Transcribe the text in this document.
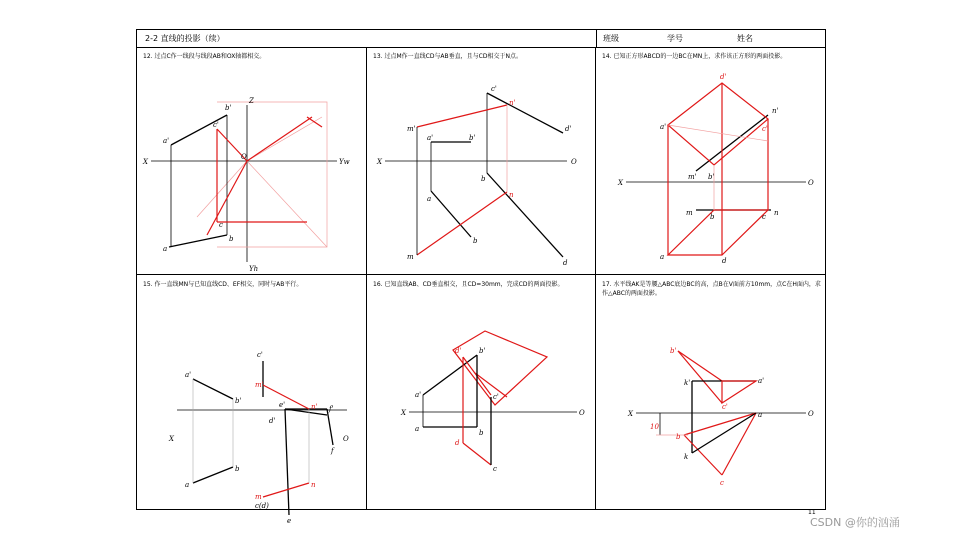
2-2 直线的投影（续）	班级	学号	姓名
12. 过点C作一线段与线段AB和OX轴都相交。
a'
b'
c'
Z
X
O
Yw
Yh
a
b
c
13. 过点M作一直线CD与AB垂直，且与CD相交于N点。
c'
n'
m'
a'	b'
d'
X	O
a
b
n
m
b
d
14. 已知正方形ABCD的一边BC在MN上，求作该正方形的两面投影。
d'
n'
a'	c'
m' b'
X	O
m b	c n
a	d
15. 作一直线MN与已知直线CD、EF相交，同时与AB平行。
c'
a'
m'
b'	e'	n' f'
d'
X	O
b
f
a	n
m
c(d)
e
16. 已知直线AB、CD垂直相交，且CD=30mm，完成CD的两面投影。
d'	b'
a'	c'
X	O
a
d
b
c
17. 水平线AK是等腰△ABC底边BC的高，点B在V面前方10mm，点C在H面内，求作△ABC的两面投影。
b'
k'	a'
c'
X	O
a
10
b
k
c
11
CSDN @你的汹涌
